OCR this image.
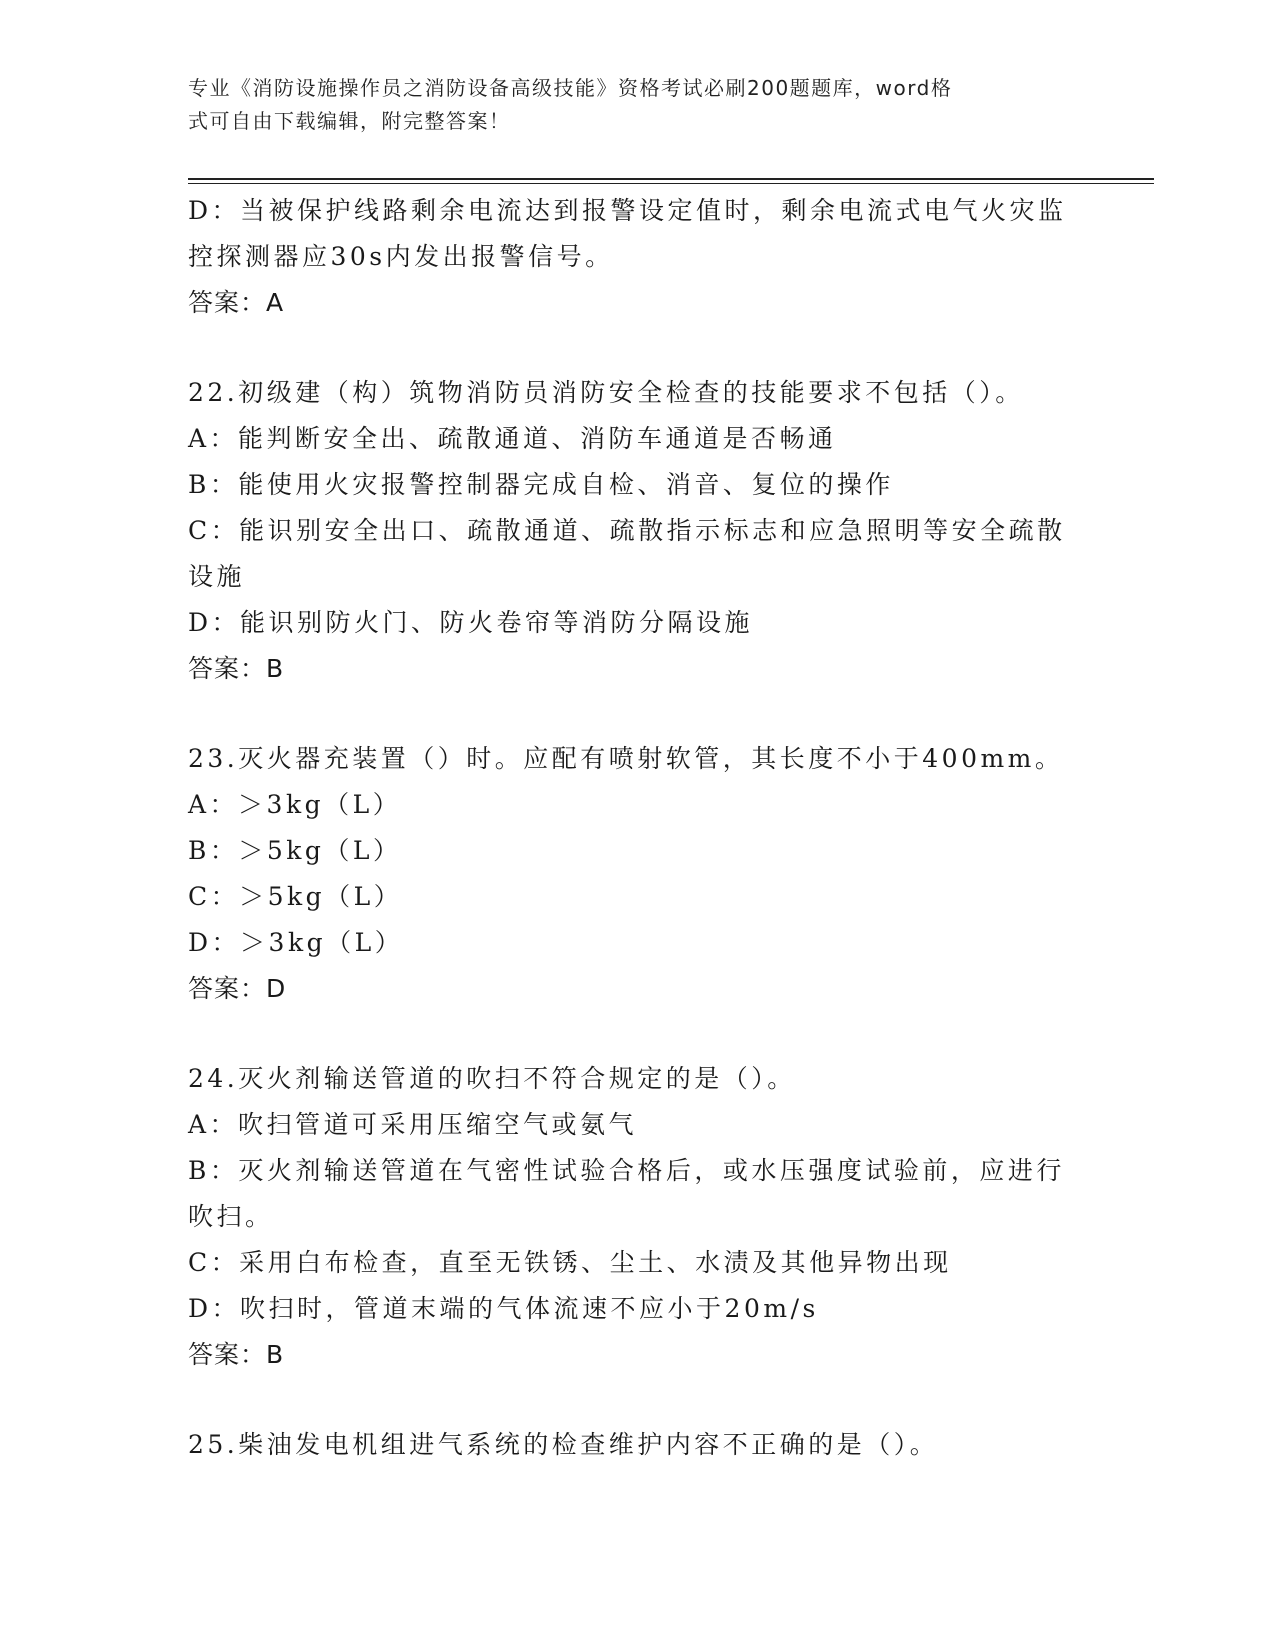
专业《消防设施操作员之消防设备高级技能》资格考试必刷200题题库，word格
式可自由下载编辑，附完整答案！
D：当被保护线路剩余电流达到报警设定值时，剩余电流式电气火灾监
控探测器应30s内发出报警信号。
答案：A
22.初级建（构）筑物消防员消防安全检查的技能要求不包括（）。
A：能判断安全出、疏散通道、消防车通道是否畅通
B：能使用火灾报警控制器完成自检、消音、复位的操作
C：能识别安全出口、疏散通道、疏散指示标志和应急照明等安全疏散
设施
D：能识别防火门、防火卷帘等消防分隔设施
答案：B
23.灭火器充装置（）时。应配有喷射软管，其长度不小于400mm。
A：＞3kg（L）
B：＞5kg（L）
C：＞5kg（L）
D：＞3kg（L）
答案：D
24.灭火剂输送管道的吹扫不符合规定的是（）。
A：吹扫管道可采用压缩空气或氨气
B：灭火剂输送管道在气密性试验合格后，或水压强度试验前，应进行
吹扫。
C：采用白布检查，直至无铁锈、尘土、水渍及其他异物出现
D：吹扫时，管道末端的气体流速不应小于20m/s
答案：B
25.柴油发电机组进气系统的检查维护内容不正确的是（）。
